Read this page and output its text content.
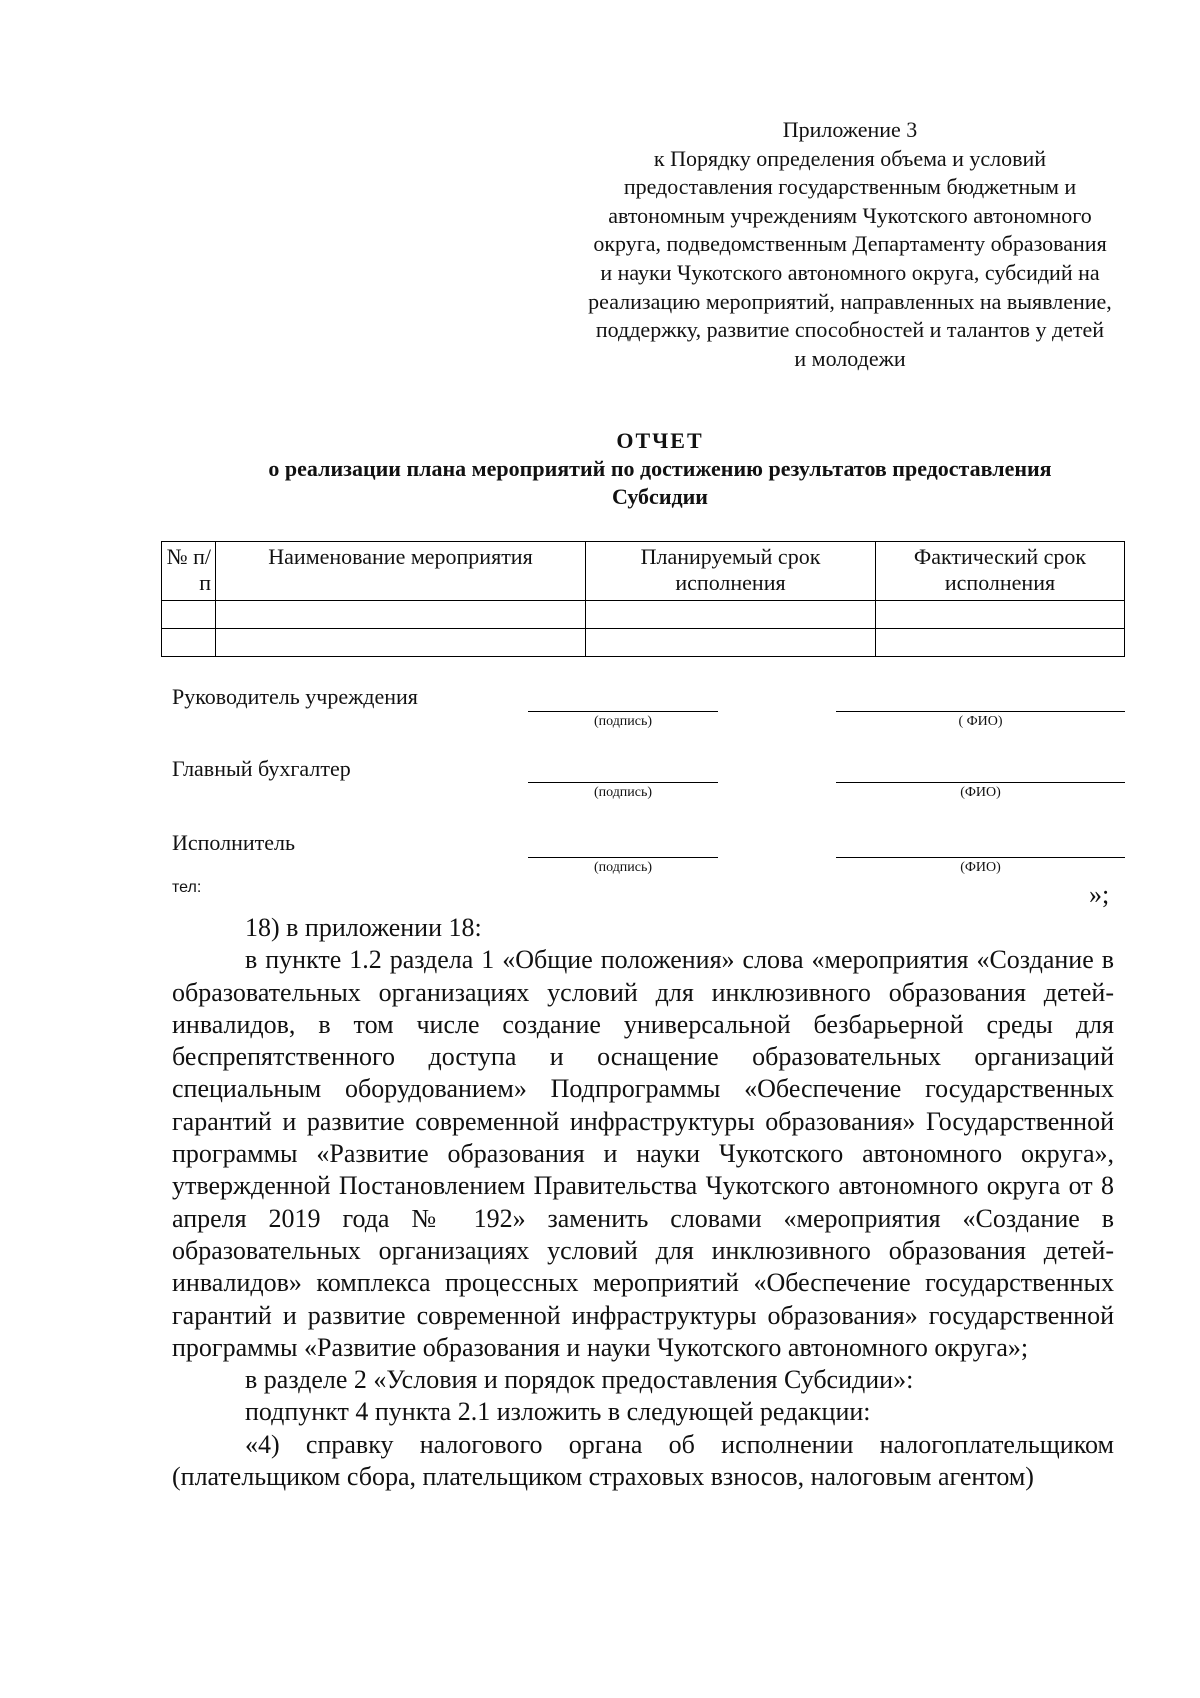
Приложение 3
к Порядку определения объема и условий
предоставления государственным бюджетным и
автономным учреждениям Чукотского автономного
округа, подведомственным Департаменту образования
и науки Чукотского автономного округа, субсидий на
реализацию мероприятий, направленных на выявление,
поддержку, развитие способностей и талантов у детей
и молодежи
ОТЧЕТ
о реализации плана мероприятий по достижению результатов предоставления
Субсидии
№ п/п	Наименование мероприятия	Планируемый срок исполнения	Фактический срок исполнения

Руководитель учреждения
(подпись)	( ФИО)
Главный бухгалтер
(подпись)	(ФИО)
Исполнитель
(подпись)	(ФИО)
тел:	»;

18) в приложении 18:

в пункте 1.2 раздела 1 «Общие положения» слова «мероприятия «Создание в образовательных организациях условий для инклюзивного образования детей-инвалидов, в том числе создание универсальной безбарьерной среды для беспрепятственного доступа и оснащение образовательных организаций специальным оборудованием» Подпрограммы «Обеспечение государственных гарантий и развитие современной инфраструктуры образования» Государственной программы «Развитие образования и науки Чукотского автономного округа», утвержденной Постановлением Правительства Чукотского автономного округа от 8 апреля 2019 года № 192» заменить словами «мероприятия «Создание в образовательных организациях условий для инклюзивного образования детей-инвалидов» комплекса процессных мероприятий «Обеспечение государственных гарантий и развитие современной инфраструктуры образования» государственной программы «Развитие образования и науки Чукотского автономного округа»;

в разделе 2 «Условия и порядок предоставления Субсидии»:

подпункт 4 пункта 2.1 изложить в следующей редакции:

«4) справку налогового органа об исполнении налогоплательщиком (плательщиком сбора, плательщиком страховых взносов, налоговым агентом)
